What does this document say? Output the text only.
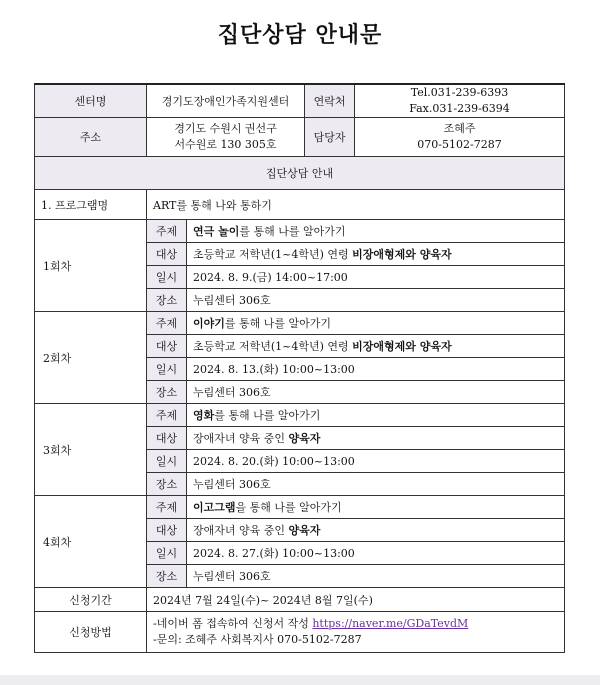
집단상담 안내문
센터명	경기도장애인가족지원센터		연락처	Tel.031-239-6393
Fax.031-239-6394

주소	경기도 수원시 권선구
서수원로 130 305호		담당자	조혜주
070-5102-7287

집단상담 안내				
1. 프로그램명	ART를 통해 나와 통하기			
1회차	주제	연극 놀이를 통해 나를 알아가기		
	대상	초등학교 저학년(1~4학년) 연령 비장애형제와 양육자		
	일시	2024. 8. 9.(금) 14:00~17:00		
	장소	누림센터 306호		
2회차	주제	이야기를 통해 나를 알아가기		
	대상	초등학교 저학년(1~4학년) 연령 비장애형제와 양육자		
	일시	2024. 8. 13.(화) 10:00~13:00		
	장소	누림센터 306호		
3회차	주제	영화를 통해 나를 알아가기		
	대상	장애자녀 양육 중인 양육자		
	일시	2024. 8. 20.(화) 10:00~13:00		
	장소	누림센터 306호		
4회차	주제	이고그램을 통해 나를 알아가기		
	대상	장애자녀 양육 중인 양육자		
	일시	2024. 8. 27.(화) 10:00~13:00		
	장소	누림센터 306호		
신청기간	2024년 7월 24일(수)~ 2024년 8월 7일(수)			
신청방법	-네이버 폼 접속하여 신청서 작성 https://naver.me/GDaTevdM
-문의: 조혜주 사회복지사 070-5102-7287			
